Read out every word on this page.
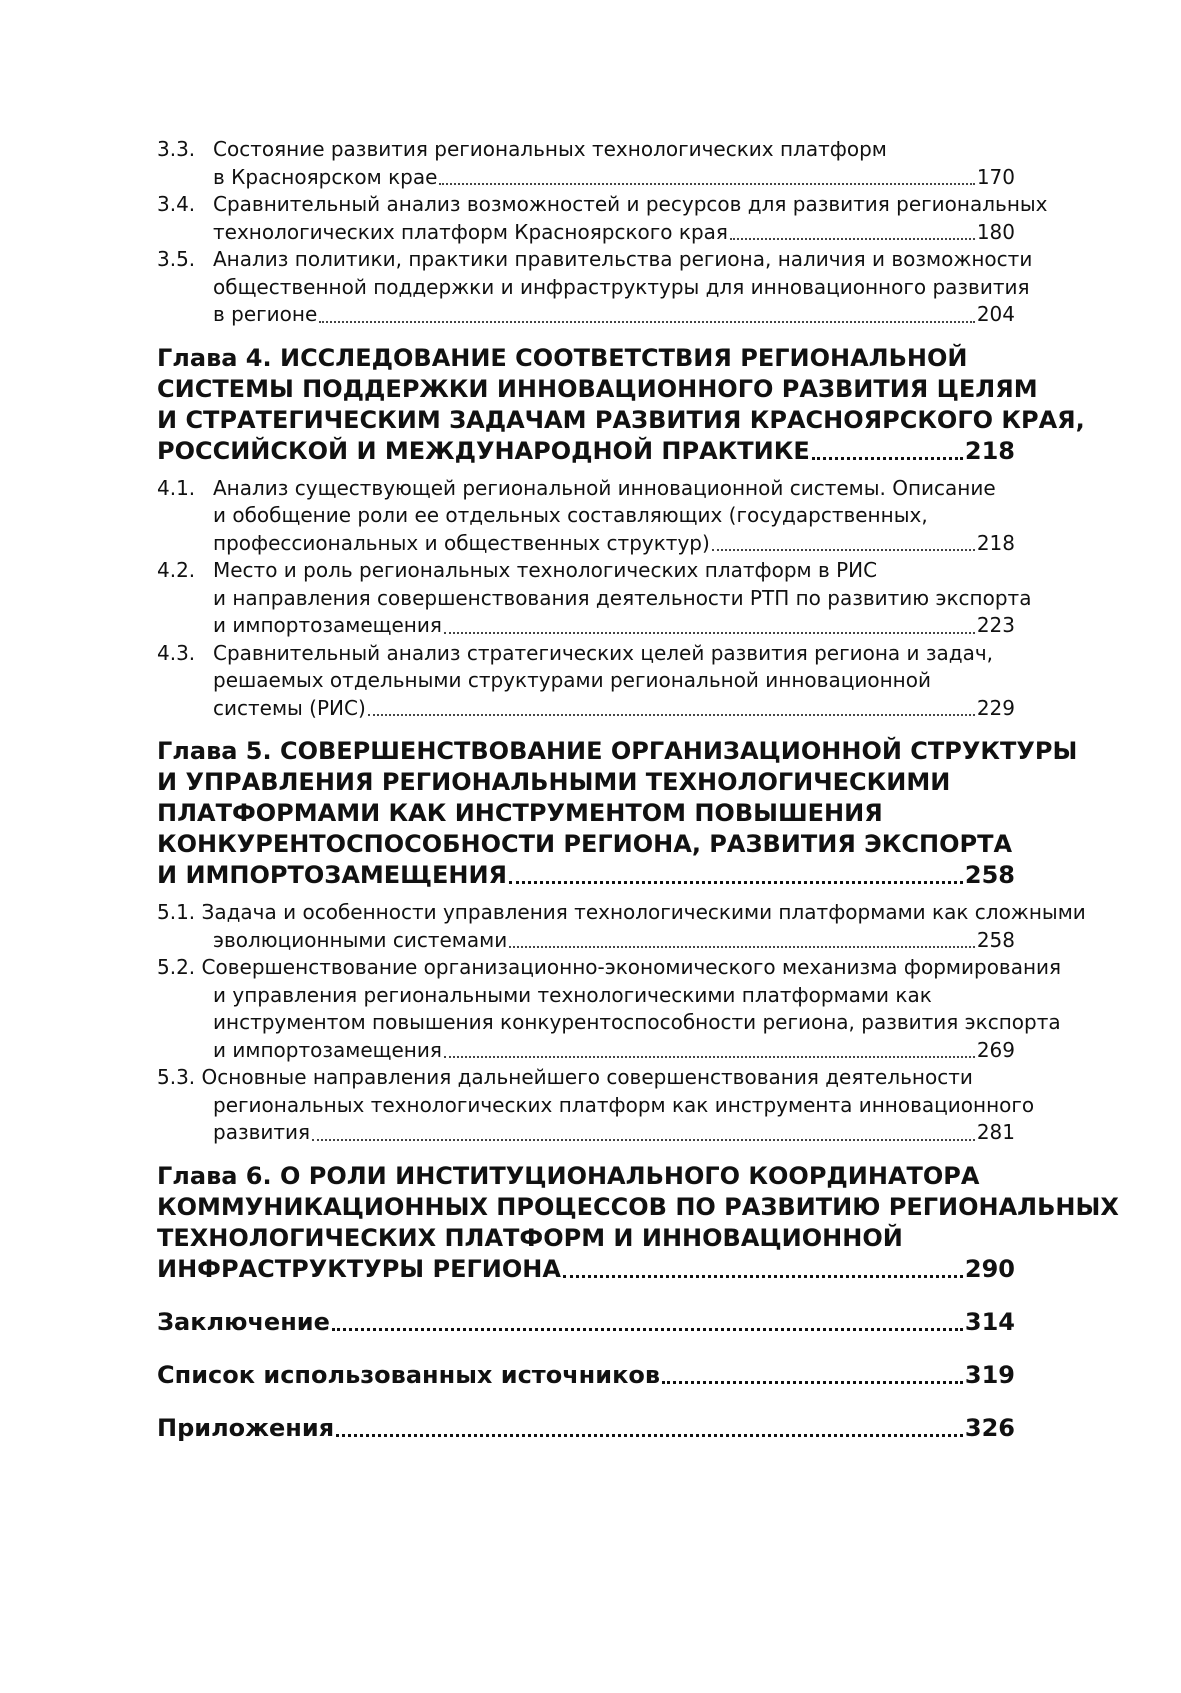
3.3. Состояние развития региональных технологических платформ
в Красноярском крае	170
3.4. Сравнительный анализ возможностей и ресурсов для развития региональных
технологических платформ Красноярского края	180
3.5. Анализ политики, практики правительства региона, наличия и возможности
общественной поддержки и инфраструктуры для инновационного развития
в регионе	204
Глава 4. ИССЛЕДОВАНИЕ СООТВЕТСТВИЯ РЕГИОНАЛЬНОЙ
СИСТЕМЫ ПОДДЕРЖКИ ИННОВАЦИОННОГО РАЗВИТИЯ ЦЕЛЯМ
И СТРАТЕГИЧЕСКИМ ЗАДАЧАМ РАЗВИТИЯ КРАСНОЯРСКОГО КРАЯ,
РОССИЙСКОЙ И МЕЖДУНАРОДНОЙ ПРАКТИКЕ	218
4.1. Анализ существующей региональной инновационной системы. Описание
и обобщение роли ее отдельных составляющих (государственных,
профессиональных и общественных структур)	218
4.2. Место и роль региональных технологических платформ в РИС
и направления совершенствования деятельности РТП по развитию экспорта
и импортозамещения	223
4.3. Сравнительный анализ стратегических целей развития региона и задач,
решаемых отдельными структурами региональной инновационной
системы (РИС)	229
Глава 5. СОВЕРШЕНСТВОВАНИЕ ОРГАНИЗАЦИОННОЙ СТРУКТУРЫ
И УПРАВЛЕНИЯ РЕГИОНАЛЬНЫМИ ТЕХНОЛОГИЧЕСКИМИ
ПЛАТФОРМАМИ КАК ИНСТРУМЕНТОМ ПОВЫШЕНИЯ
КОНКУРЕНТОСПОСОБНОСТИ РЕГИОНА, РАЗВИТИЯ ЭКСПОРТА
И ИМПОРТОЗАМЕЩЕНИЯ	258
5.1. Задача и особенности управления технологическими платформами как сложными
эволюционными системами	258
5.2. Совершенствование организационно-экономического механизма формирования
и управления региональными технологическими платформами как
инструментом повышения конкурентоспособности региона, развития экспорта
и импортозамещения	269
5.3. Основные направления дальнейшего совершенствования деятельности
региональных технологических платформ как инструмента инновационного
развития	281
Глава 6. О РОЛИ ИНСТИТУЦИОНАЛЬНОГО КООРДИНАТОРА
КОММУНИКАЦИОННЫХ ПРОЦЕССОВ ПО РАЗВИТИЮ РЕГИОНАЛЬНЫХ
ТЕХНОЛОГИЧЕСКИХ ПЛАТФОРМ И ИННОВАЦИОННОЙ
ИНФРАСТРУКТУРЫ РЕГИОНА	290
Заключение	314
Список использованных источников	319
Приложения	326
